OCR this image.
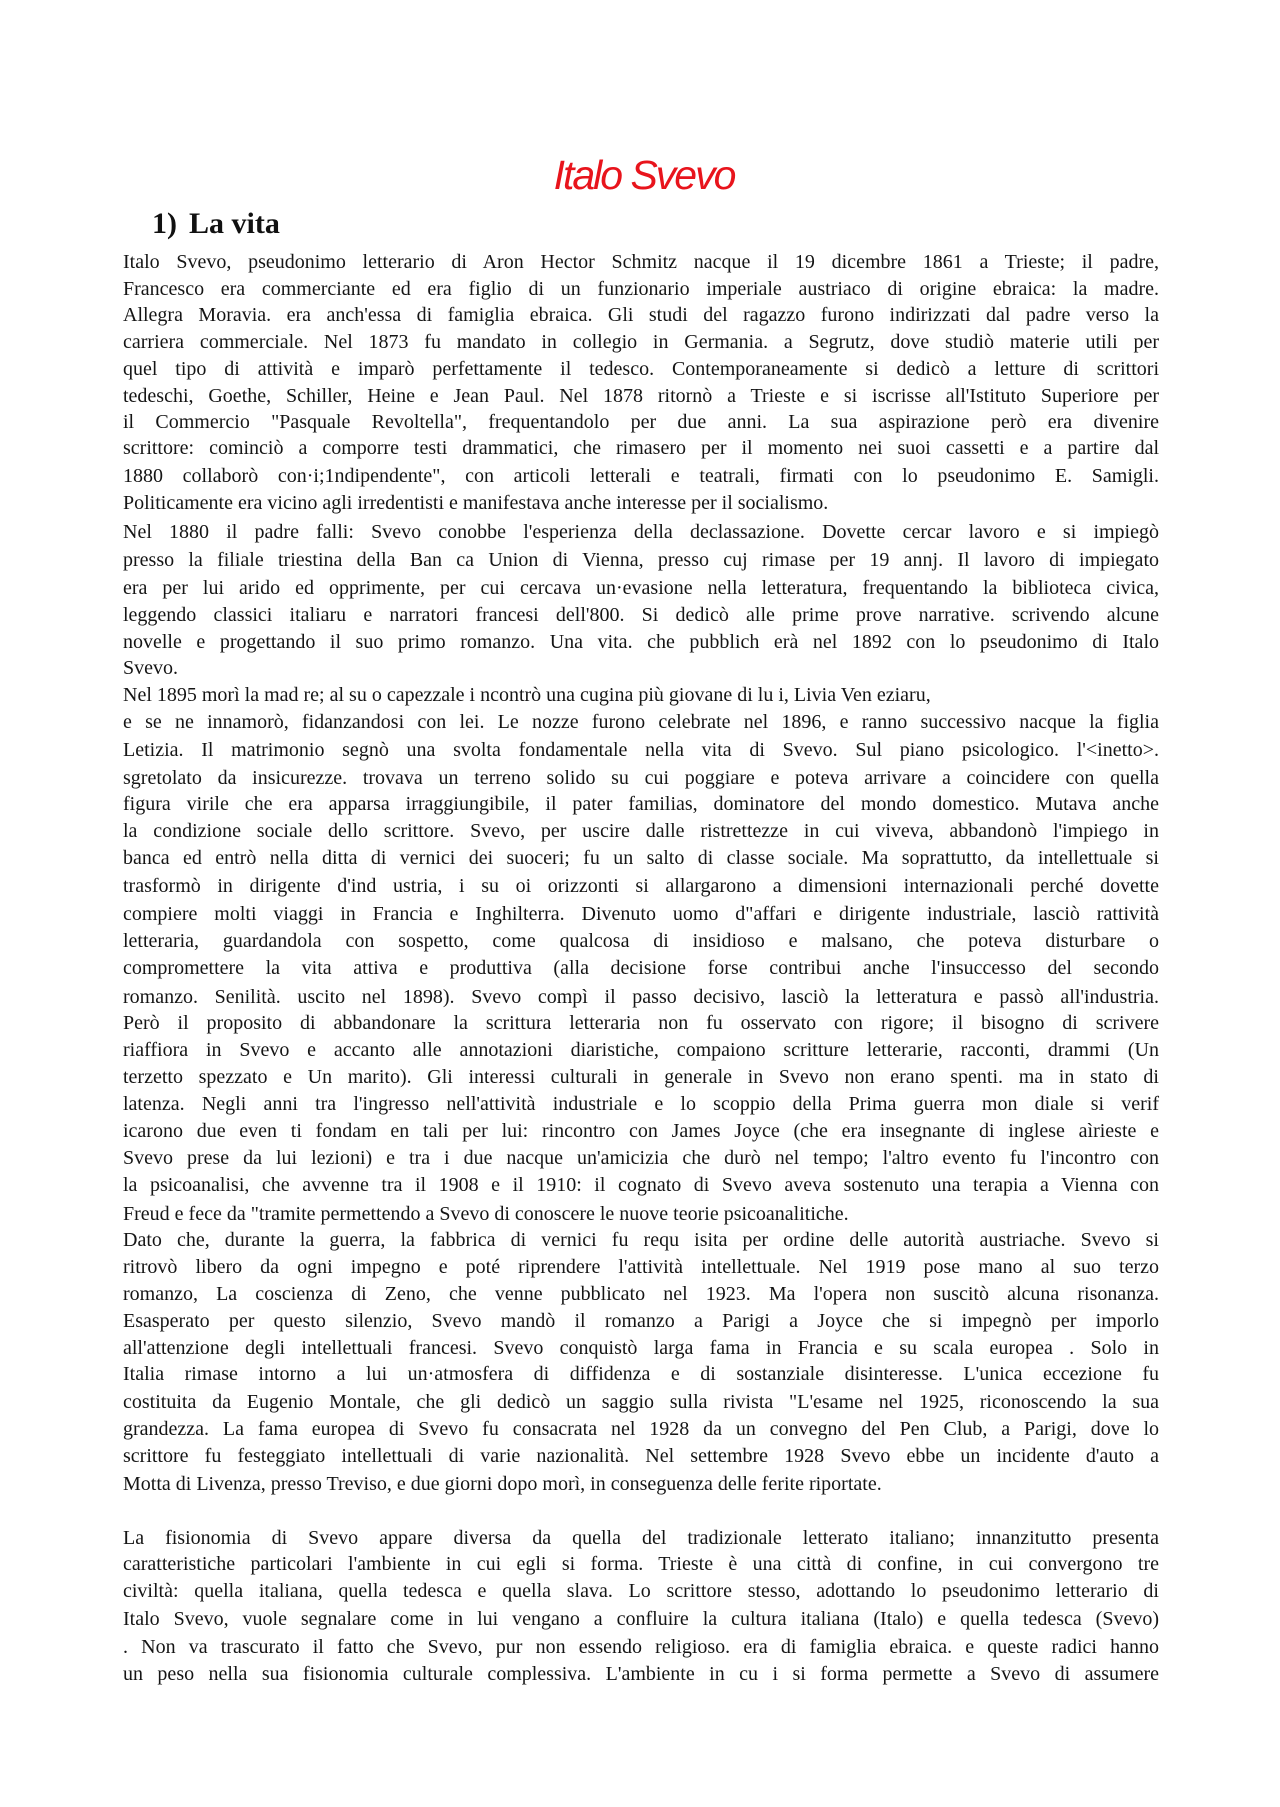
Italo Svevo
1) La vita
Italo Svevo, pseudonimo letterario di Aron Hector Schmitz nacque il 19 dicembre 1861 a Trieste; il padre,
Francesco era commerciante ed era figlio di un funzionario imperiale austriaco di origine ebraica: la madre.
Allegra Moravia. era anch'essa di famiglia ebraica. Gli studi del ragazzo furono indirizzati dal padre verso la
carriera commerciale. Nel 1873 fu mandato in collegio in Germania. a Segrutz, dove studiò materie utili per
quel tipo di attività e imparò perfettamente il tedesco. Contemporaneamente si dedicò a letture di scrittori
tedeschi, Goethe, Schiller, Heine e Jean Paul. Nel 1878 ritornò a Trieste e si iscrisse all'Istituto Superiore per
il Commercio "Pasquale Revoltella", frequentandolo per due anni. La sua aspirazione però era divenire
scrittore: cominciò a comporre testi drammatici, che rimasero per il momento nei suoi cassetti e a partire dal
1880 collaborò con·i;1ndipendente", con articoli letterali e teatrali, firmati con lo pseudonimo E. Samigli.
Politicamente era vicino agli irredentisti e manifestava anche interesse per il socialismo.
Nel 1880 il padre falli: Svevo conobbe l'esperienza della declassazione. Dovette cercar lavoro e si impiegò
presso la filiale triestina della Ban ca Union di Vienna, presso cuj rimase per 19 annj. Il lavoro di impiegato
era per lui arido ed opprimente, per cui cercava un·evasione nella letteratura, frequentando la biblioteca civica,
leggendo classici italiaru e narratori francesi dell'800. Si dedicò alle prime prove narrative. scrivendo alcune
novelle e progettando il suo primo romanzo. Una vita. che pubblich erà nel 1892 con lo pseudonimo di Italo
Svevo.
Nel 1895 morì la mad re; al su o capezzale i ncontrò una cugina più giovane di lu i, Livia Ven eziaru,
e se ne innamorò, fidanzandosi con lei. Le nozze furono celebrate nel 1896, e ranno successivo nacque la figlia
Letizia. Il matrimonio segnò una svolta fondamentale nella vita di Svevo. Sul piano psicologico. l'<inetto>.
sgretolato da insicurezze. trovava un terreno solido su cui poggiare e poteva arrivare a coincidere con quella
figura virile che era apparsa irraggiungibile, il pater familias, dominatore del mondo domestico. Mutava anche
la condizione sociale dello scrittore. Svevo, per uscire dalle ristrettezze in cui viveva, abbandonò l'impiego in
banca ed entrò nella ditta di vernici dei suoceri; fu un salto di classe sociale. Ma soprattutto, da intellettuale si
trasformò in dirigente d'ind ustria, i su oi orizzonti si allargarono a dimensioni internazionali perché dovette
compiere molti viaggi in Francia e Inghilterra. Divenuto uomo d"affari e dirigente industriale, lasciò rattività
letteraria, guardandola con sospetto, come qualcosa di insidioso e malsano, che poteva disturbare o
compromettere la vita attiva e produttiva (alla decisione forse contribui anche l'insuccesso del secondo
romanzo. Senilità. uscito nel 1898). Svevo compì il passo decisivo, lasciò la letteratura e passò all'industria.
Però il proposito di abbandonare la scrittura letteraria non fu osservato con rigore; il bisogno di scrivere
riaffiora in Svevo e accanto alle annotazioni diaristiche, compaiono scritture letterarie, racconti, drammi (Un
terzetto spezzato e Un marito). Gli interessi culturali in generale in Svevo non erano spenti. ma in stato di
latenza. Negli anni tra l'ingresso nell'attività industriale e lo scoppio della Prima guerra mon diale si verif
icarono due even ti fondam en tali per lui: rincontro con James Joyce (che era insegnante di inglese aìrieste e
Svevo prese da lui lezioni) e tra i due nacque un'amicizia che durò nel tempo; l'altro evento fu l'incontro con
la psicoanalisi, che avvenne tra il 1908 e il 1910: il cognato di Svevo aveva sostenuto una terapia a Vienna con
Freud e fece da "tramite permettendo a Svevo di conoscere le nuove teorie psicoanalitiche.
Dato che, durante la guerra, la fabbrica di vernici fu requ isita per ordine delle autorità austriache. Svevo si
ritrovò libero da ogni impegno e poté riprendere l'attività intellettuale. Nel 1919 pose mano al suo terzo
romanzo, La coscienza di Zeno, che venne pubblicato nel 1923. Ma l'opera non suscitò alcuna risonanza.
Esasperato per questo silenzio, Svevo mandò il romanzo a Parigi a Joyce che si impegnò per imporlo
all'attenzione degli intellettuali francesi. Svevo conquistò larga fama in Francia e su scala europea . Solo in
Italia rimase intorno a lui un·atmosfera di diffidenza e di sostanziale disinteresse. L'unica eccezione fu
costituita da Eugenio Montale, che gli dedicò un saggio sulla rivista "L'esame nel 1925, riconoscendo la sua
grandezza. La fama europea di Svevo fu consacrata nel 1928 da un convegno del Pen Club, a Parigi, dove lo
scrittore fu festeggiato intellettuali di varie nazionalità. Nel settembre 1928 Svevo ebbe un incidente d'auto a
Motta di Livenza, presso Treviso, e due giorni dopo morì, in conseguenza delle ferite riportate.
La fisionomia di Svevo appare diversa da quella del tradizionale letterato italiano; innanzitutto presenta
caratteristiche particolari l'ambiente in cui egli si forma. Trieste è una città di confine, in cui convergono tre
civiltà: quella italiana, quella tedesca e quella slava. Lo scrittore stesso, adottando lo pseudonimo letterario di
Italo Svevo, vuole segnalare come in lui vengano a confluire la cultura italiana (Italo) e quella tedesca (Svevo)
. Non va trascurato il fatto che Svevo, pur non essendo religioso. era di famiglia ebraica. e queste radici hanno
un peso nella sua fisionomia culturale complessiva. L'ambiente in cu i si forma permette a Svevo di assumere
